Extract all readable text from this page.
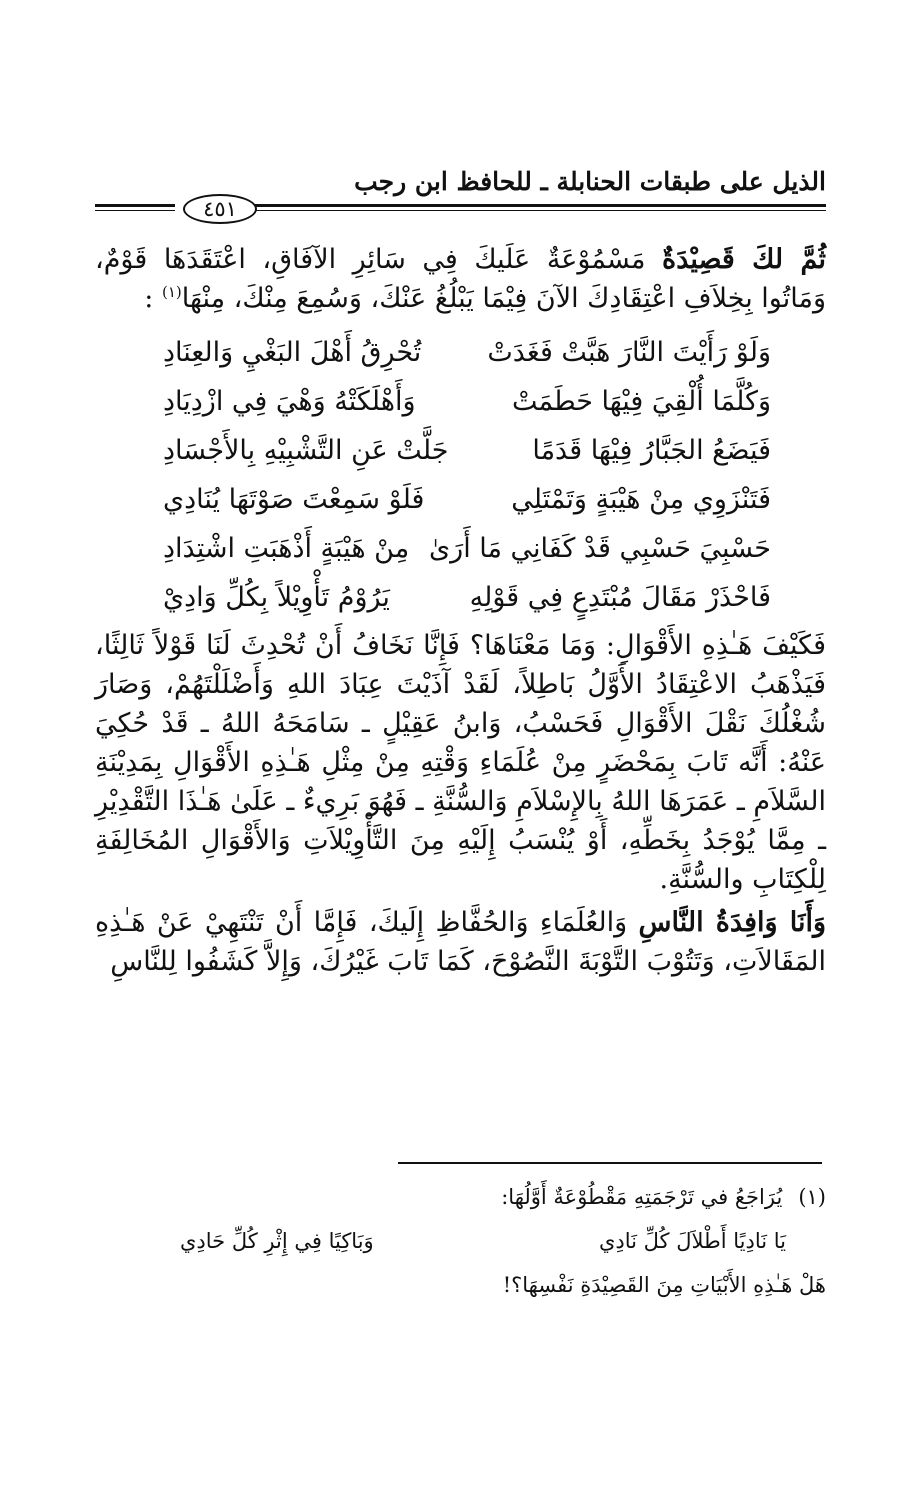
الذيل على طبقات الحنابلة ـ للحافظ ابن رجب
٤٥١

ثُمَّ لكَ قَصِيْدَةٌ مَسْمُوْعَةٌ عَلَيكَ فِي سَائِرِ الآفَاقِ، اعْتَقَدَهَا قَوْمٌ، وَمَاتُوا بِخِلاَفِ اعْتِقَادِكَ الآنَ فِيْمَا يَبْلُغُ عَنْكَ، وَسُمِعَ مِنْكَ، مِنْهَا$^{(١)}$ :

وَلَوْ رَأَيْتَ النَّارَ هَبَّتْ فَغَدَتْ
تُحْرِقُ أَهْلَ البَغْيِ وَالعِنَادِ
وَكُلَّمَا أُلْقِيَ فِيْهَا حَطَمَتْ
وَأَهْلَكَتْهُ وَهْيَ فِي ازْدِيَادِ
فَيَضَعُ الجَبَّارُ فِيْهَا قَدَمًا
جَلَّتْ عَنِ التَّشْبِيْهِ بِالأَجْسَادِ
فَتَنْزَوِي مِنْ هَيْبَةٍ وَتَمْتَلِي
فَلَوْ سَمِعْتَ صَوْتَهَا يُنَادِي
حَسْبِيَ حَسْبِي قَدْ كَفَانِي مَا أَرَىٰ
مِنْ هَيْبَةٍ أَذْهَبَتِ اشْتِدَادِ
فَاحْذَرْ مَقَالَ مُبْتَدِعٍ فِي قَوْلِهِ
يَرُوْمُ تَأْوِيْلاً بِكُلِّ وَادِيْ

فَكَيْفَ هَـٰذِهِ الأَقْوَالِ: وَمَا مَعْنَاهَا؟ فَإِنَّا نَخَافُ أَنْ تُحْدِثَ لَنَا قَوْلاً ثَالِثًا، فَيَذْهَبُ الاعْتِقَادُ الأَوَّلُ بَاطِلاً، لَقَدْ آذَيْتَ عِبَادَ اللهِ وَأَضْلَلْتَهُمْ، وَصَارَ شُغْلُكَ نَقْلَ الأَقْوَالِ فَحَسْبُ، وَابنُ عَقِيْلٍ ـ سَامَحَهُ اللهُ ـ قَدْ حُكِيَ عَنْهُ: أَنَّه تَابَ بِمَحْضَرٍ مِنْ عُلَمَاءِ وَقْتِهِ مِنْ مِثْلِ هَـٰذِهِ الأَقْوَالِ بِمَدِيْنَةِ السَّلاَمِ ـ عَمَرَهَا اللهُ بِالإِسْلاَمِ وَالسُّنَّةِ ـ فَهُوَ بَرِيءٌ ـ عَلَىٰ هَـٰذَا التَّقْدِيْرِ ـ مِمَّا يُوْجَدُ بِخَطِّهِ، أَوْ يُنْسَبُ إِلَيْهِ مِنَ التَّأْوِيْلاَتِ وَالأَقْوَالِ المُخَالِفَةِ لِلْكِتَابِ والسُّنَّةِ.

وَأَنَا وَافِدَةُ النَّاسِ وَالعُلَمَاءِ وَالحُفَّاظِ إِلَيكَ، فَإِمَّا أَنْ تَنْتَهِيْ عَنْ هَـٰذِهِ المَقَالاَتِ، وَتَتُوْبَ التَّوْبَةَ النَّصُوْحَ، كَمَا تَابَ غَيْرُكَ، وَإِلاَّ كَشَفُوا لِلنَّاسِ

(١)يُرَاجَعُ في تَرْجَمَتِهِ مَقْطُوْعَةٌ أَوَّلُهَا:
يَا نَادِيًا أَطْلاَلَ كُلِّ نَادِي
وَبَاكِيًا فِي إِثْرِ كُلِّ حَادِي
هَلْ هَـٰذِهِ الأَبْيَاتِ مِنَ القَصِيْدَةِ نَفْسِهَا؟!
